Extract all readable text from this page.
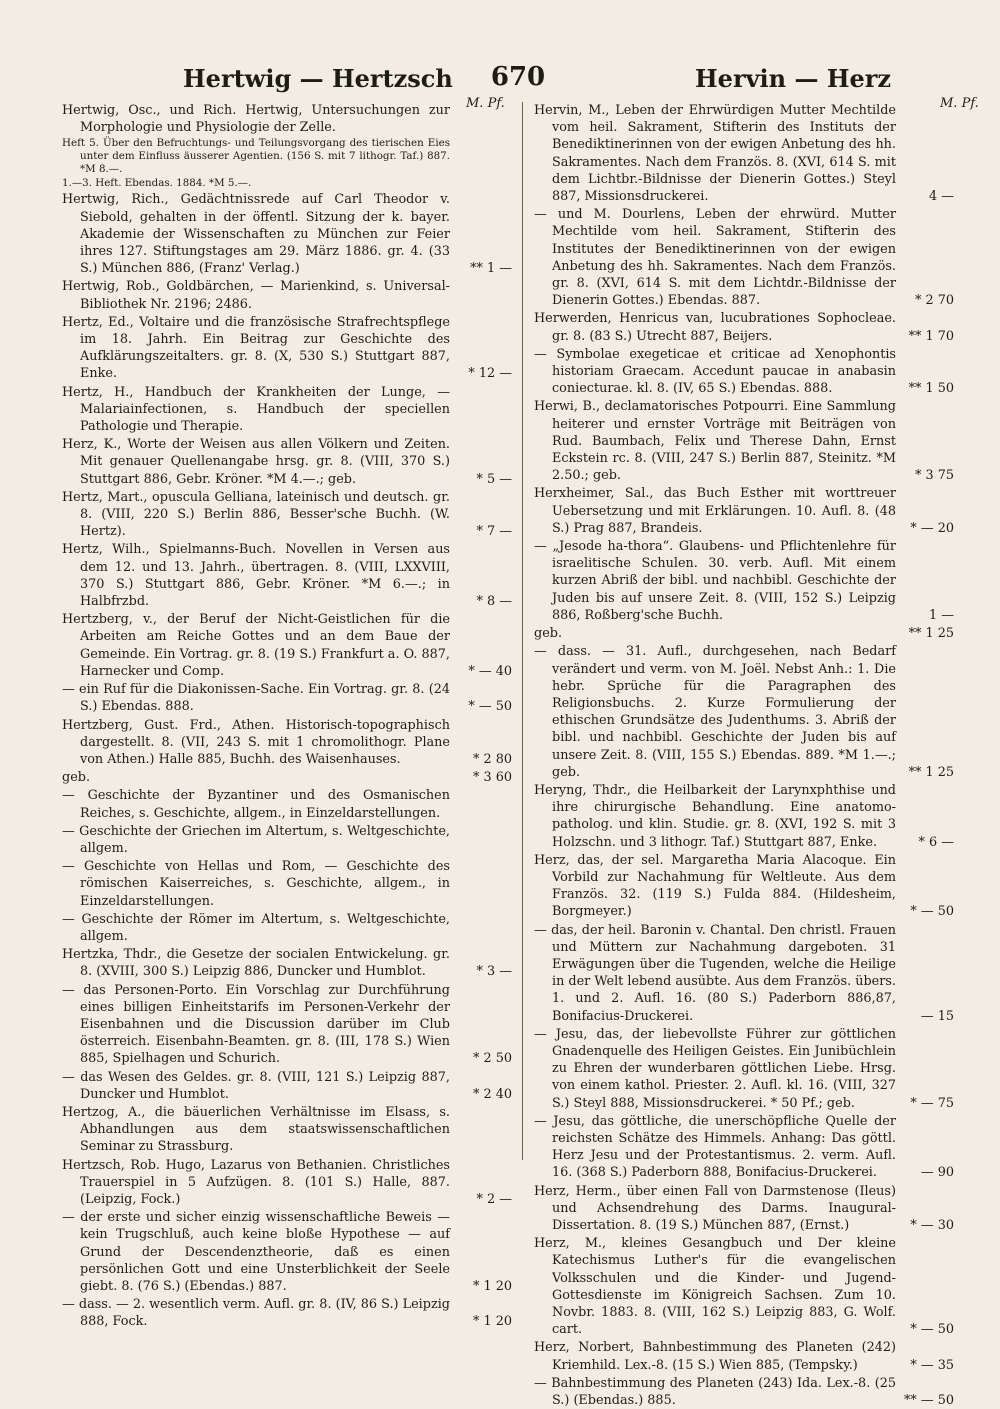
Hertwig — Hertzsch	670	Hervin — Herz
M. Pf.	M. Pf.
Hertwig, Osc., und Rich. Hertwig, Untersuchungen zur Morphologie und Physiologie der Zelle.
Heft 5. Über den Befruchtungs- und Teilungsvorgang des tierischen Eies unter dem Einfluss äusserer Agentien. (156 S. mit 7 lithogr. Taf.) 887. *M 8.—.
1.—3. Heft. Ebendas. 1884. *M 5.—.
Hertwig, Rich., Gedächtnissrede auf Carl Theodor v. Siebold, gehalten in der öffentl. Sitzung der k. bayer. Akademie der Wissenschaften zu München zur Feier ihres 127. Stiftungstages am 29. März 1886. gr. 4. (33 S.) München 886, (Franz' Verlag.)	** 1 —
Hertwig, Rob., Goldbärchen, — Marienkind, s. Universal-Bibliothek Nr. 2196; 2486.
Hertz, Ed., Voltaire und die französische Strafrechtspflege im 18. Jahrh. Ein Beitrag zur Geschichte des Aufklärungszeitalters. gr. 8. (X, 530 S.) Stuttgart 887, Enke.	* 12 —
Hertz, H., Handbuch der Krankheiten der Lunge, — Malariainfectionen, s. Handbuch der speciellen Pathologie und Therapie.
Herz, K., Worte der Weisen aus allen Völkern und Zeiten. Mit genauer Quellenangabe hrsg. gr. 8. (VIII, 370 S.) Stuttgart 886, Gebr. Kröner. *M 4.—.; geb.	* 5 —
Hertz, Mart., opuscula Gelliana, lateinisch und deutsch. gr. 8. (VIII, 220 S.) Berlin 886, Besser'sche Buchh. (W. Hertz).	* 7 —
Hertz, Wilh., Spielmanns-Buch. Novellen in Versen aus dem 12. und 13. Jahrh., übertragen. 8. (VIII, LXXVIII, 370 S.) Stuttgart 886, Gebr. Kröner. *M 6.—.; in Halbfrzbd.	* 8 —
Hertzberg, v., der Beruf der Nicht-Geistlichen für die Arbeiten am Reiche Gottes und an dem Baue der Gemeinde. Ein Vortrag. gr. 8. (19 S.) Frankfurt a. O. 887, Harnecker und Comp.	* — 40
— ein Ruf für die Diakonissen-Sache. Ein Vortrag. gr. 8. (24 S.) Ebendas. 888.	* — 50
Hertzberg, Gust. Frd., Athen. Historisch-topographisch dargestellt. 8. (VII, 243 S. mit 1 chromolithogr. Plane von Athen.) Halle 885, Buchh. des Waisenhauses.	* 2 80
geb.	* 3 60
— Geschichte der Byzantiner und des Osmanischen Reiches, s. Geschichte, allgem., in Einzeldarstellungen.
— Geschichte der Griechen im Altertum, s. Weltgeschichte, allgem.
— Geschichte von Hellas und Rom, — Geschichte des römischen Kaiserreiches, s. Geschichte, allgem., in Einzeldarstellungen.
— Geschichte der Römer im Altertum, s. Weltgeschichte, allgem.
Hertzka, Thdr., die Gesetze der socialen Entwickelung. gr. 8. (XVIII, 300 S.) Leipzig 886, Duncker und Humblot.	* 3 —
— das Personen-Porto. Ein Vorschlag zur Durchführung eines billigen Einheitstarifs im Personen-Verkehr der Eisenbahnen und die Discussion darüber im Club österreich. Eisenbahn-Beamten. gr. 8. (III, 178 S.) Wien 885, Spielhagen und Schurich.	* 2 50
— das Wesen des Geldes. gr. 8. (VIII, 121 S.) Leipzig 887, Duncker und Humblot.	* 2 40
Hertzog, A., die bäuerlichen Verhältnisse im Elsass, s. Abhandlungen aus dem staatswissenschaftlichen Seminar zu Strassburg.
Hertzsch, Rob. Hugo, Lazarus von Bethanien. Christliches Trauerspiel in 5 Aufzügen. 8. (101 S.) Halle, 887. (Leipzig, Fock.)	* 2 —
— der erste und sicher einzig wissenschaftliche Beweis — kein Trugschluß, auch keine bloße Hypothese — auf Grund der Descendenztheorie, daß es einen persönlichen Gott und eine Unsterblichkeit der Seele giebt. 8. (76 S.) (Ebendas.) 887.	* 1 20
— dass. — 2. wesentlich verm. Aufl. gr. 8. (IV, 86 S.) Leipzig 888, Fock.	* 1 20
Hervin, M., Leben der Ehrwürdigen Mutter Mechtilde vom heil. Sakrament, Stifterin des Instituts der Benediktinerinnen von der ewigen Anbetung des hh. Sakramentes. Nach dem Französ. 8. (XVI, 614 S. mit dem Lichtbr.-Bildnisse der Dienerin Gottes.) Steyl 887, Missionsdruckerei.	4 —
— und M. Dourlens, Leben der ehrwürd. Mutter Mechtilde vom heil. Sakrament, Stifterin des Institutes der Benediktinerinnen von der ewigen Anbetung des hh. Sakramentes. Nach dem Französ. gr. 8. (XVI, 614 S. mit dem Lichtdr.-Bildnisse der Dienerin Gottes.) Ebendas. 887.	* 2 70
Herwerden, Henricus van, lucubrationes Sophocleae. gr. 8. (83 S.) Utrecht 887, Beijers.	** 1 70
— Symbolae exegeticae et criticae ad Xenophontis historiam Graecam. Accedunt paucae in anabasin coniecturae. kl. 8. (IV, 65 S.) Ebendas. 888.	** 1 50
Herwi, B., declamatorisches Potpourri. Eine Sammlung heiterer und ernster Vorträge mit Beiträgen von Rud. Baumbach, Felix und Therese Dahn, Ernst Eckstein rc. 8. (VIII, 247 S.) Berlin 887, Steinitz. *M 2.50.; geb.	* 3 75
Herxheimer, Sal., das Buch Esther mit worttreuer Uebersetzung und mit Erklärungen. 10. Aufl. 8. (48 S.) Prag 887, Brandeis.	* — 20
— „Jesode ha-thora“. Glaubens- und Pflichtenlehre für israelitische Schulen. 30. verb. Aufl. Mit einem kurzen Abriß der bibl. und nachbibl. Geschichte der Juden bis auf unsere Zeit. 8. (VIII, 152 S.) Leipzig 886, Roßberg'sche Buchh.	1 —
geb.	** 1 25
— dass. — 31. Aufl., durchgesehen, nach Bedarf verändert und verm. von M. Joël. Nebst Anh.: 1. Die hebr. Sprüche für die Paragraphen des Religionsbuchs. 2. Kurze Formulierung der ethischen Grundsätze des Judenthums. 3. Abriß der bibl. und nachbibl. Geschichte der Juden bis auf unsere Zeit. 8. (VIII, 155 S.) Ebendas. 889. *M 1.—.; geb.	** 1 25
Heryng, Thdr., die Heilbarkeit der Larynxphthise und ihre chirurgische Behandlung. Eine anatomo-patholog. und klin. Studie. gr. 8. (XVI, 192 S. mit 3 Holzschn. und 3 lithogr. Taf.) Stuttgart 887, Enke.	* 6 —
Herz, das, der sel. Margaretha Maria Alacoque. Ein Vorbild zur Nachahmung für Weltleute. Aus dem Französ. 32. (119 S.) Fulda 884. (Hildesheim, Borgmeyer.)	* — 50
— das, der heil. Baronin v. Chantal. Den christl. Frauen und Müttern zur Nachahmung dargeboten. 31 Erwägungen über die Tugenden, welche die Heilige in der Welt lebend ausübte. Aus dem Französ. übers. 1. und 2. Aufl. 16. (80 S.) Paderborn 886,87, Bonifacius-Druckerei.	— 15
— Jesu, das, der liebevollste Führer zur göttlichen Gnadenquelle des Heiligen Geistes. Ein Junibüchlein zu Ehren der wunderbaren göttlichen Liebe. Hrsg. von einem kathol. Priester. 2. Aufl. kl. 16. (VIII, 327 S.) Steyl 888, Missionsdruckerei. * 50 Pf.; geb.	* — 75
— Jesu, das göttliche, die unerschöpfliche Quelle der reichsten Schätze des Himmels. Anhang: Das göttl. Herz Jesu und der Protestantismus. 2. verm. Aufl. 16. (368 S.) Paderborn 888, Bonifacius-Druckerei.	— 90
Herz, Herm., über einen Fall von Darmstenose (Ileus) und Achsendrehung des Darms. Inaugural-Dissertation. 8. (19 S.) München 887, (Ernst.)	* — 30
Herz, M., kleines Gesangbuch und Der kleine Katechismus Luther's für die evangelischen Volksschulen und die Kinder- und Jugend-Gottesdienste im Königreich Sachsen. Zum 10. Novbr. 1883. 8. (VIII, 162 S.) Leipzig 883, G. Wolf. cart.	* — 50
Herz, Norbert, Bahnbestimmung des Planeten (242) Kriemhild. Lex.-8. (15 S.) Wien 885, (Tempsky.)	* — 35
— Bahnbestimmung des Planeten (243) Ida. Lex.-8. (25 S.) (Ebendas.) 885.	** — 50
